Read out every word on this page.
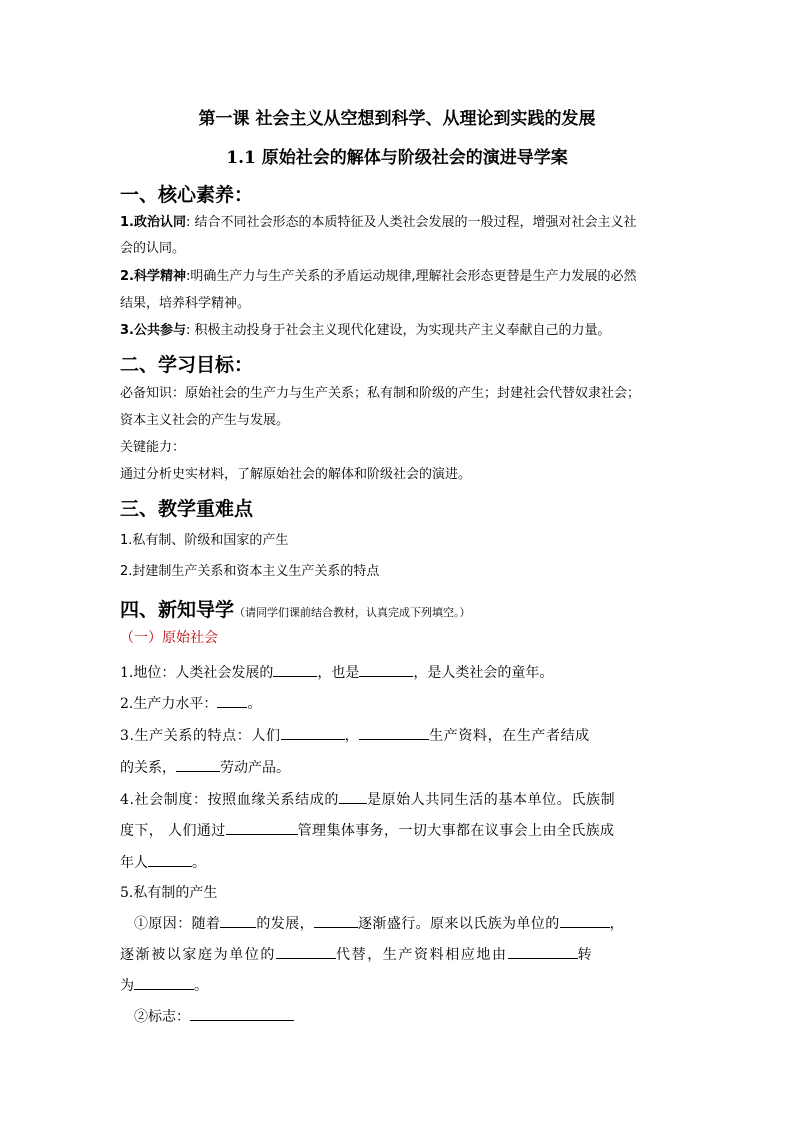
第一课 社会主义从空想到科学、从理论到实践的发展
1.1 原始社会的解体与阶级社会的演进导学案
一、核心素养：
1.政治认同: 结合不同社会形态的本质特征及人类社会发展的一般过程，增强对社会主义社
会的认同。
2.科学精神:明确生产力与生产关系的矛盾运动规律,理解社会形态更替是生产力发展的必然
结果，培养科学精神。
3.公共参与: 积极主动投身于社会主义现代化建设，为实现共产主义奉献自己的力量。
二、学习目标：
必备知识：原始社会的生产力与生产关系；私有制和阶级的产生；封建社会代替奴隶社会；
资本主义社会的产生与发展。
关键能力：
通过分析史实材料，了解原始社会的解体和阶级社会的演进。
三、教学重难点
1.私有制、阶级和国家的产生
2.封建制生产关系和资本主义生产关系的特点
四、新知导学（请同学们课前结合教材，认真完成下列填空。）
（一）原始社会
1.地位：人类社会发展的	，也是	，是人类社会的童年。
2.生产力水平： 。
3.生产关系的特点：人们	，	生产资料，在生产者结成
的关系，	劳动产品。
4.社会制度：按照血缘关系结成的 是原始人共同生活的基本单位。氏族制
度下， 人们通过	管理集体事务，一切大事都在议事会上由全氏族成
年人	。
5.私有制的产生
①原因：随着	的发展，	逐渐盛行。原来以氏族为单位的	，
逐渐被以家庭为单位的	代替，生产资料相应地由	转
为	。
②标志：
